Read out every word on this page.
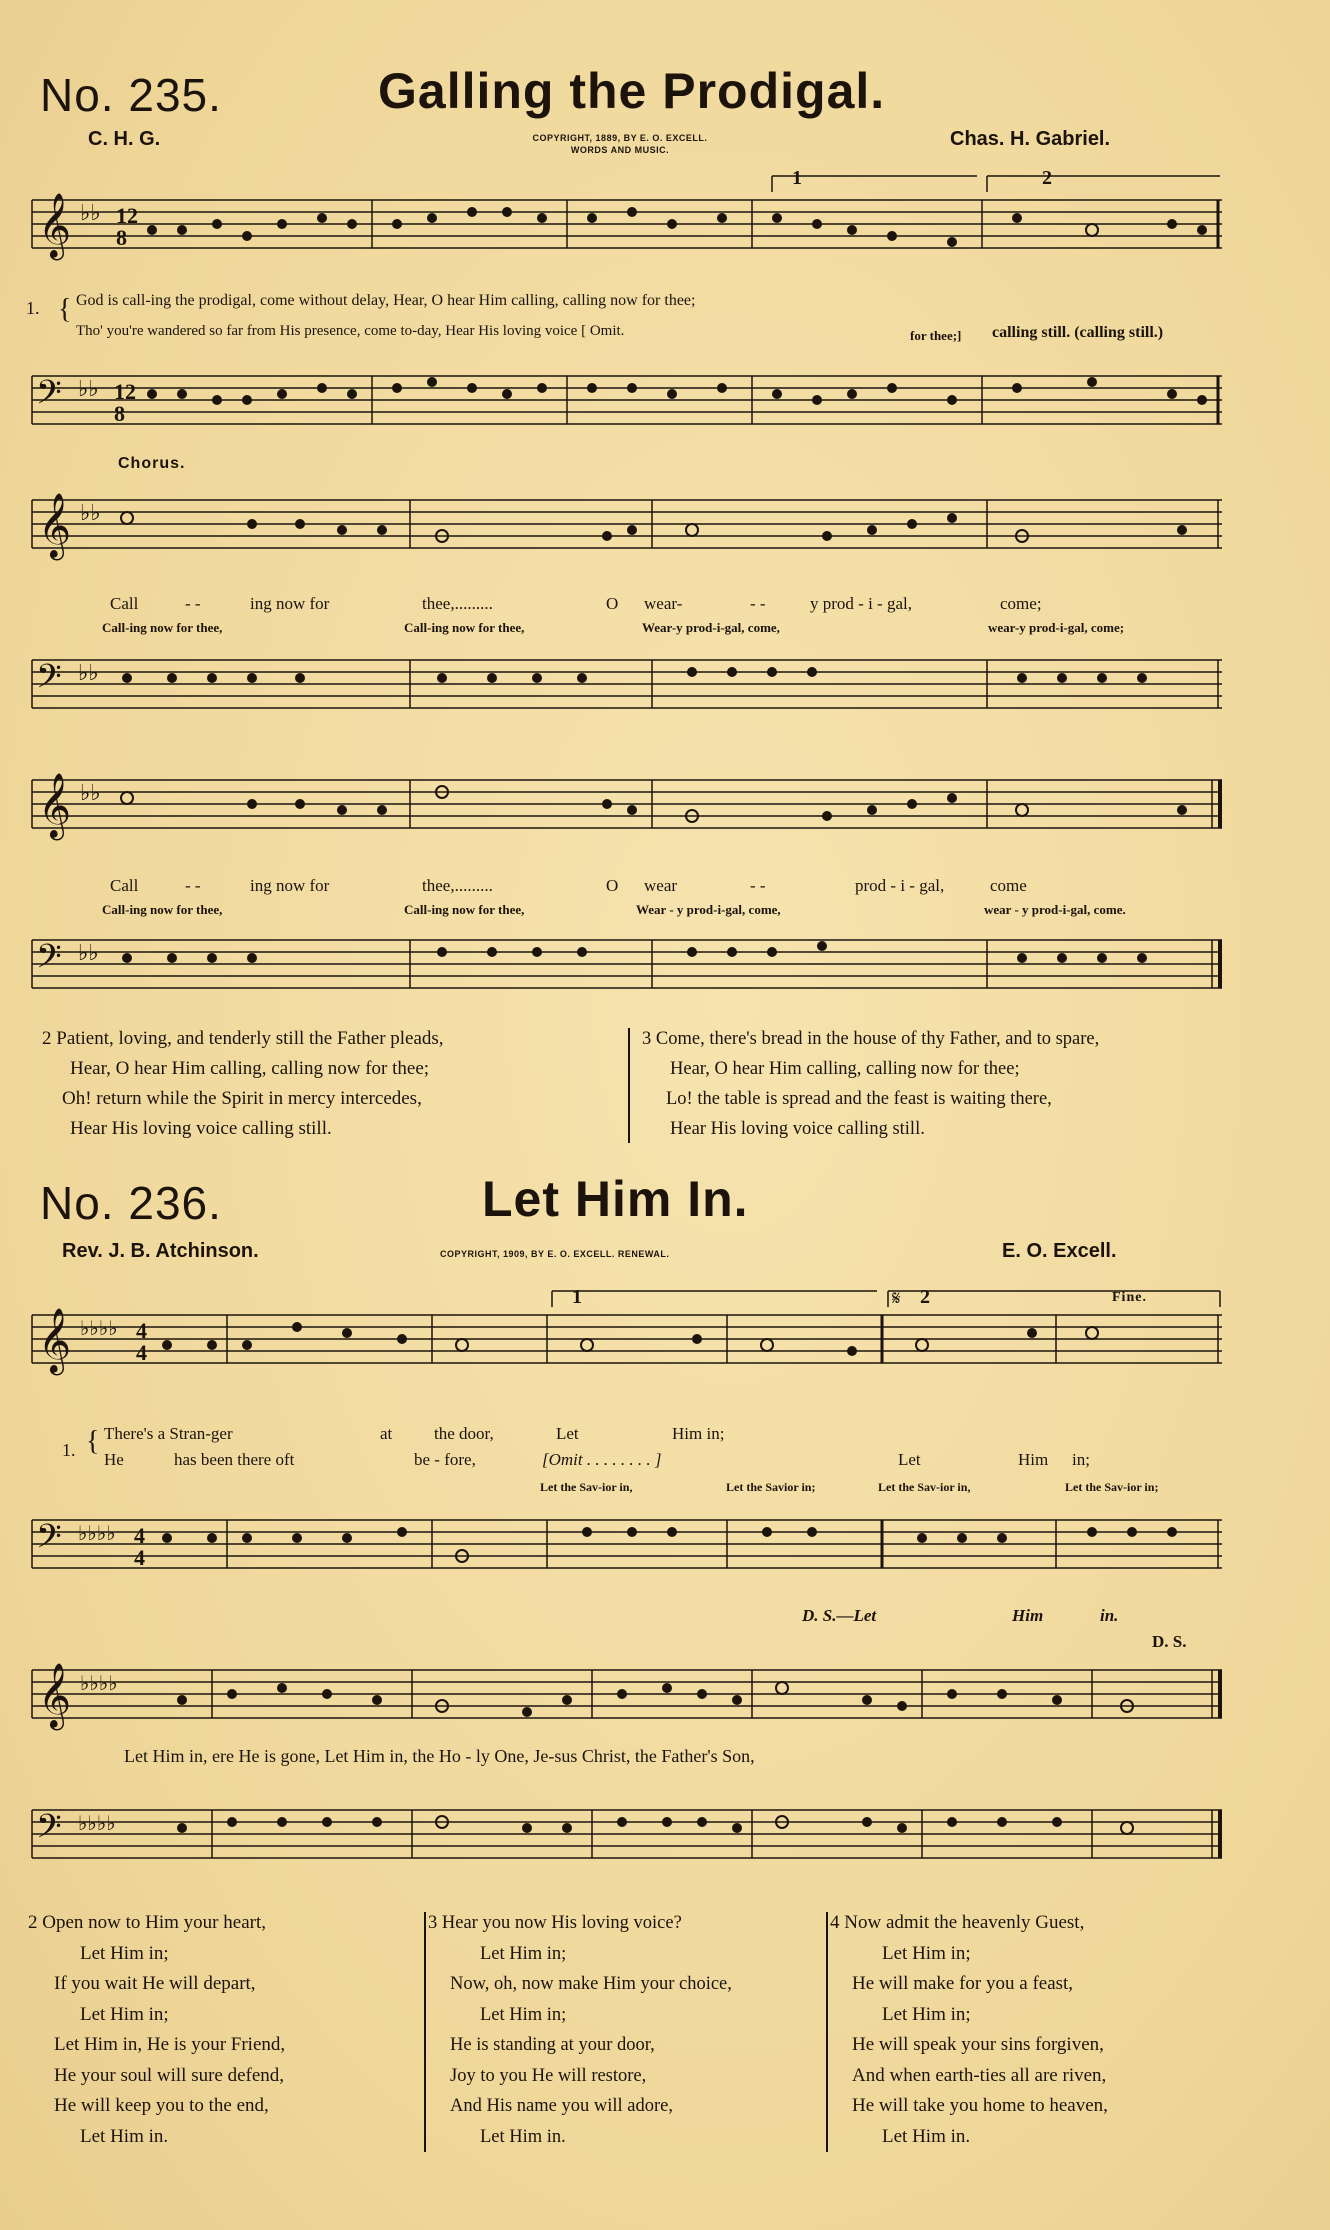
No. 235.	Galling the Prodigal.
C. H. G.	COPYRIGHT, 1889, BY E. O. EXCELL.
WORDS AND MUSIC.	Chas. H. Gabriel.
𝄞 ♭♭ 12
8
1	2
1. { God is call-ing the prodigal, come without delay, Hear, O hear Him calling, calling now for thee;
Tho' you're wandered so far from His presence, come to-day, Hear His loving voice [ Omit.	for thee;] calling still. (calling still.)
𝄢 ♭♭ 12
8
Chorus.
𝄞 ♭♭
Call	- -	ing now for	thee,.........	O wear-	- -	y prod - i - gal,	come;
Call-ing now for thee,	Call-ing now for thee,	Wear-y prod-i-gal, come,	wear-y prod-i-gal, come;
𝄢 ♭♭
𝄞 ♭♭
Call	- -	ing now for	thee,.........	O wear	- -	prod - i - gal,	come
Call-ing now for thee,	Call-ing now for thee,	Wear - y prod-i-gal, come,	wear - y prod-i-gal, come.
𝄢 ♭♭
2 Patient, loving, and tenderly still the Father pleads,
Hear, O hear Him calling, calling now for thee;
Oh! return while the Spirit in mercy intercedes,
Hear His loving voice calling still.
3 Come, there's bread in the house of thy Father, and to spare,
Hear, O hear Him calling, calling now for thee;
Lo! the table is spread and the feast is waiting there,
Hear His loving voice calling still.
No. 236.	Let Him In.
Rev. J. B. Atchinson.	COPYRIGHT, 1909, BY E. O. EXCELL. RENEWAL.	E. O. Excell.
𝄞 ♭♭♭♭ 4
4
1	𝄋 2	Fine.
1. { There's a Stran-ger	at the door,	Let	Him in;
He	has been there oft	be - fore,	[Omit . . . . . . . . ]	Let	Him in;
Let the Sav-ior in,	Let the Savior in;	Let the Sav-ior in,	Let the Sav-ior in;
𝄢 ♭♭♭♭ 4
4
D. S.—Let	Him	in.
D. S.
𝄞 ♭♭♭♭
Let Him in, ere He is gone, Let Him in, the Ho - ly One, Je-sus Christ, the Father's Son,
𝄢 ♭♭♭♭
2 Open now to Him your heart,
Let Him in;
If you wait He will depart,
Let Him in;
Let Him in, He is your Friend,
He your soul will sure defend,
He will keep you to the end,
Let Him in.
3 Hear you now His loving voice?
Let Him in;
Now, oh, now make Him your choice,
Let Him in;
He is standing at your door,
Joy to you He will restore,
And His name you will adore,
Let Him in.
4 Now admit the heavenly Guest,
Let Him in;
He will make for you a feast,
Let Him in;
He will speak your sins forgiven,
And when earth-ties all are riven,
He will take you home to heaven,
Let Him in.
